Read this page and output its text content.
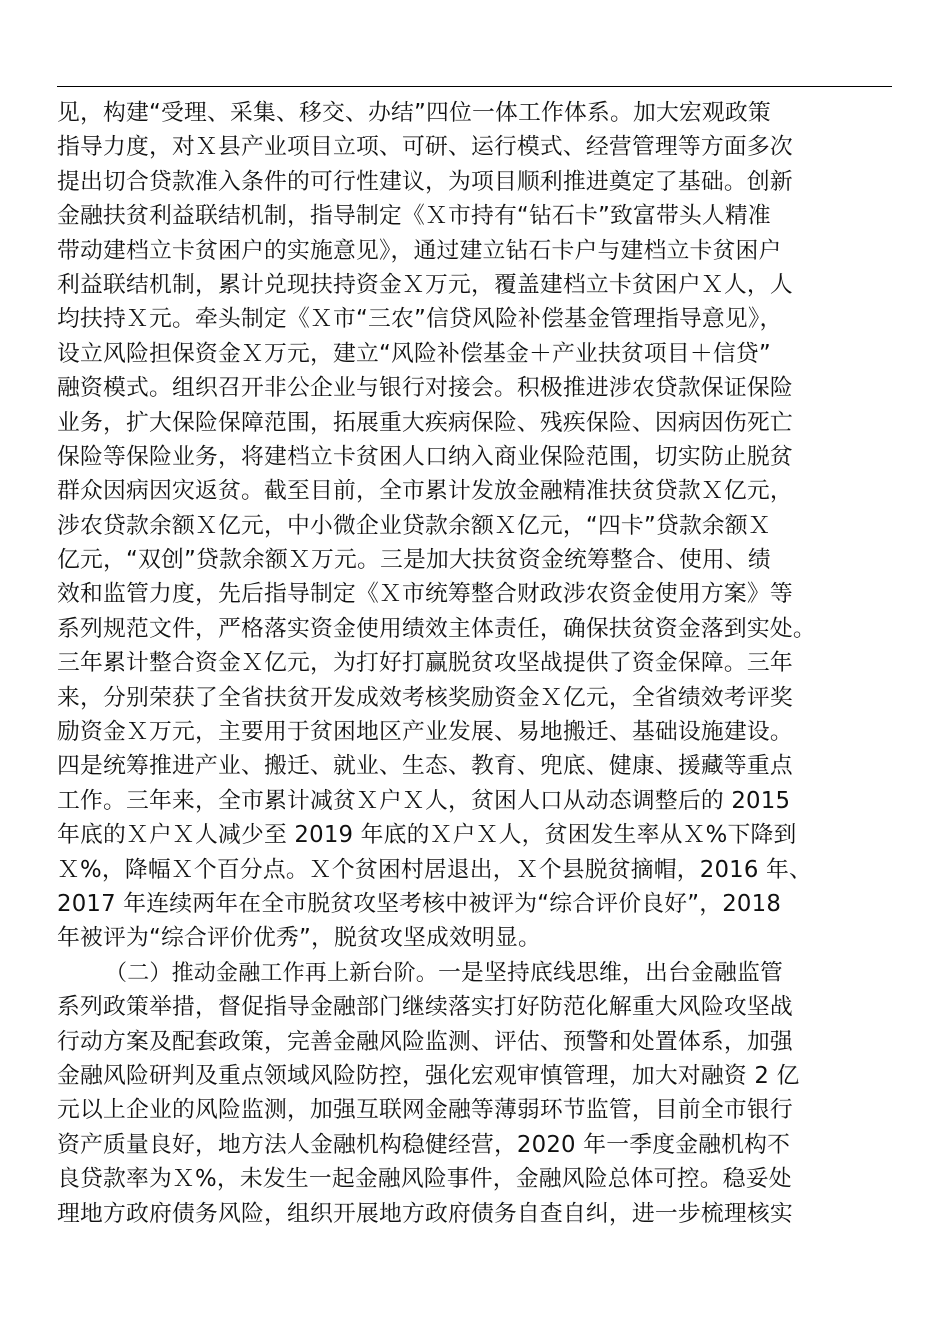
见，构建“受理、采集、移交、办结”四位一体工作体系。加大宏观政策
指导力度，对Ｘ县产业项目立项、可研、运行模式、经营管理等方面多次
提出切合贷款准入条件的可行性建议，为项目顺利推进奠定了基础。创新
金融扶贫利益联结机制，指导制定《Ｘ市持有“钻石卡”致富带头人精准
带动建档立卡贫困户的实施意见》，通过建立钻石卡户与建档立卡贫困户
利益联结机制，累计兑现扶持资金Ｘ万元，覆盖建档立卡贫困户Ｘ人，人
均扶持Ｘ元。牵头制定《Ｘ市“三农”信贷风险补偿基金管理指导意见》，
设立风险担保资金Ｘ万元，建立“风险补偿基金＋产业扶贫项目＋信贷”
融资模式。组织召开非公企业与银行对接会。积极推进涉农贷款保证保险
业务，扩大保险保障范围，拓展重大疾病保险、残疾保险、因病因伤死亡
保险等保险业务，将建档立卡贫困人口纳入商业保险范围，切实防止脱贫
群众因病因灾返贫。截至目前，全市累计发放金融精准扶贫贷款Ｘ亿元，
涉农贷款余额Ｘ亿元，中小微企业贷款余额Ｘ亿元，“四卡”贷款余额Ｘ
亿元，“双创”贷款余额Ｘ万元。三是加大扶贫资金统筹整合、使用、绩
效和监管力度，先后指导制定《Ｘ市统筹整合财政涉农资金使用方案》等
系列规范文件，严格落实资金使用绩效主体责任，确保扶贫资金落到实处。
三年累计整合资金Ｘ亿元，为打好打赢脱贫攻坚战提供了资金保障。三年
来，分别荣获了全省扶贫开发成效考核奖励资金Ｘ亿元，全省绩效考评奖
励资金Ｘ万元，主要用于贫困地区产业发展、易地搬迁、基础设施建设。
四是统筹推进产业、搬迁、就业、生态、教育、兜底、健康、援藏等重点
工作。三年来，全市累计减贫Ｘ户Ｘ人，贫困人口从动态调整后的 2015
年底的Ｘ户Ｘ人减少至 2019 年底的Ｘ户Ｘ人，贫困发生率从Ｘ%下降到
Ｘ%，降幅Ｘ个百分点。Ｘ个贫困村居退出，Ｘ个县脱贫摘帽，2016 年、
2017 年连续两年在全市脱贫攻坚考核中被评为“综合评价良好”，2018
年被评为“综合评价优秀”，脱贫攻坚成效明显。
（二）推动金融工作再上新台阶。一是坚持底线思维，出台金融监管
系列政策举措，督促指导金融部门继续落实打好防范化解重大风险攻坚战
行动方案及配套政策，完善金融风险监测、评估、预警和处置体系，加强
金融风险研判及重点领域风险防控，强化宏观审慎管理，加大对融资 2 亿
元以上企业的风险监测，加强互联网金融等薄弱环节监管，目前全市银行
资产质量良好，地方法人金融机构稳健经营，2020 年一季度金融机构不
良贷款率为Ｘ%，未发生一起金融风险事件，金融风险总体可控。稳妥处
理地方政府债务风险，组织开展地方政府债务自查自纠，进一步梳理核实
